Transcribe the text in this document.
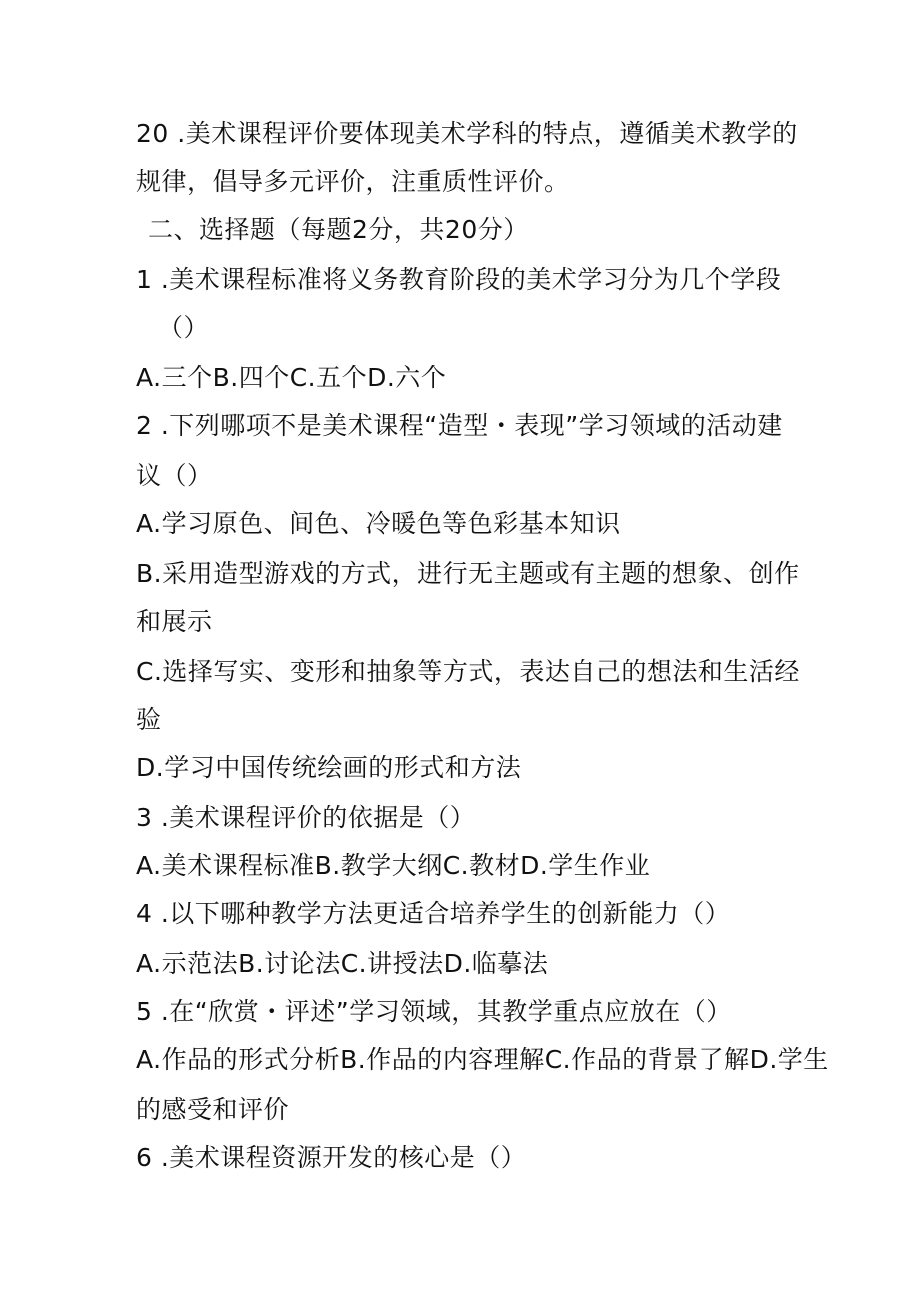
20 .美术课程评价要体现美术学科的特点，遵循美术教学的
规律，倡导多元评价，注重质性评价。
二、选择题（每题2分，共20分）
1 .美术课程标准将义务教育阶段的美术学习分为几个学段
（）
A.三个B.四个C.五个D.六个
2 .下列哪项不是美术课程“造型・表现”学习领域的活动建
议（）
A.学习原色、间色、冷暖色等色彩基本知识
B.采用造型游戏的方式，进行无主题或有主题的想象、创作
和展示
C.选择写实、变形和抽象等方式，表达自己的想法和生活经
验
D.学习中国传统绘画的形式和方法
3 .美术课程评价的依据是（）
A.美术课程标准B.教学大纲C.教材D.学生作业
4 .以下哪种教学方法更适合培养学生的创新能力（）
A.示范法B.讨论法C.讲授法D.临摹法
5 .在“欣赏・评述”学习领域，其教学重点应放在（）
A.作品的形式分析B.作品的内容理解C.作品的背景了解D.学生
的感受和评价
6 .美术课程资源开发的核心是（）
